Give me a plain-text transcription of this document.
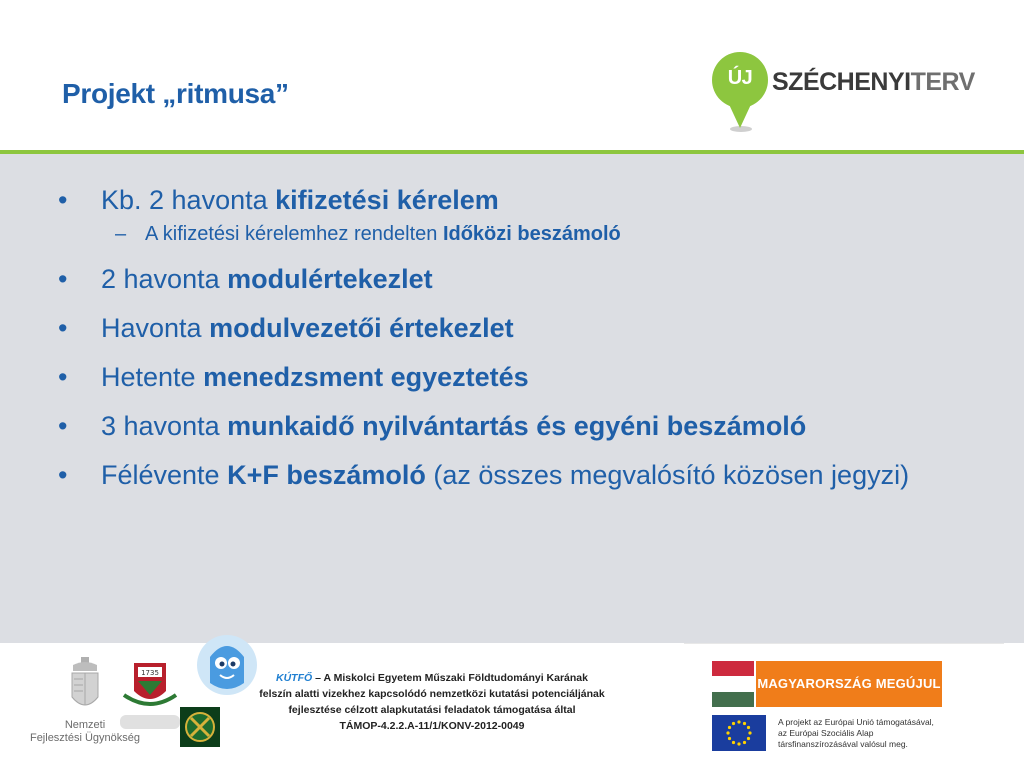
Projekt „ritmusa”	ÚJ SZÉCHENYITERV
• Kb. 2 havonta kifizetési kérelem
– A kifizetési kérelemhez rendelten Időközi beszámoló
• 2 havonta modulértekezlet
• Havonta modulvezetői értekezlet
• Hetente menedzsment egyeztetés
• 3 havonta munkaidő nyilvántartás és egyéni beszámoló
• Félévente K+F beszámoló (az összes megvalósító közösen jegyzi)
Nemzeti
Fejlesztési Ügynökség
1735	KÚTFŐ – A Miskolci Egyetem Műszaki Földtudományi Karának
felszín alatti vizekhez kapcsolódó nemzetközi kutatási potenciáljának
fejlesztése célzott alapkutatási feladatok támogatása által
TÁMOP-4.2.2.A-11/1/KONV-2012-0049
MAGYARORSZÁG MEGÚJUL
A projekt az Európai Unió támogatásával,
az Európai Szociális Alap
társfinanszírozásával valósul meg.
